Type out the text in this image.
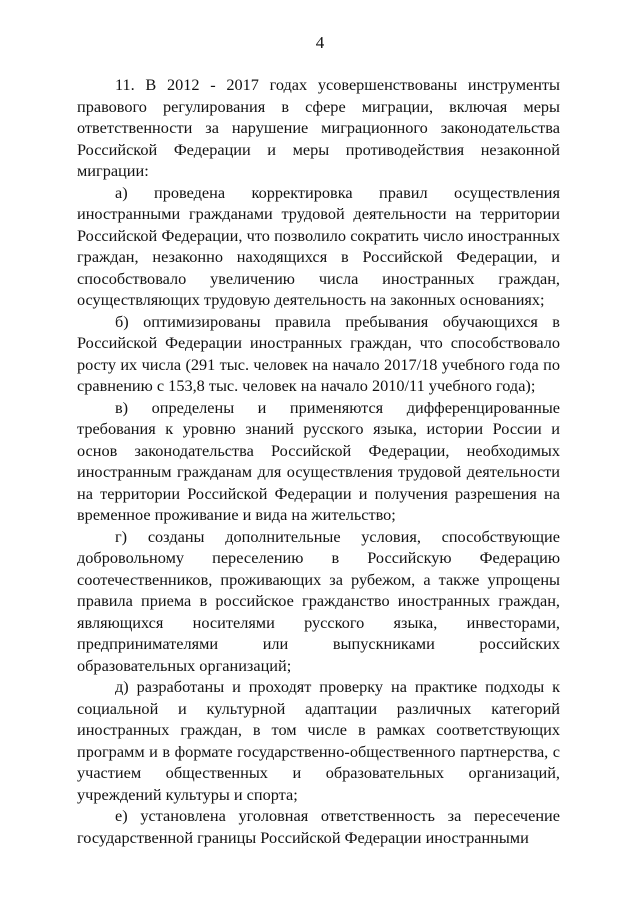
4

11. В 2012 - 2017 годах усовершенствованы инструменты правового регулирования в сфере миграции, включая меры ответственности за нарушение миграционного законодательства Российской Федерации и меры противодействия незаконной миграции:

а) проведена корректировка правил осуществления иностранными гражданами трудовой деятельности на территории Российской Федерации, что позволило сократить число иностранных граждан, незаконно находящихся в Российской Федерации, и способствовало увеличению числа иностранных граждан, осуществляющих трудовую деятельность на законных основаниях;

б) оптимизированы правила пребывания обучающихся в Российской Федерации иностранных граждан, что способствовало росту их числа (291 тыс. человек на начало 2017/18 учебного года по сравнению с 153,8 тыс. человек на начало 2010/11 учебного года);

в) определены и применяются дифференцированные требования к уровню знаний русского языка, истории России и основ законодательства Российской Федерации, необходимых иностранным гражданам для осуществления трудовой деятельности на территории Российской Федерации и получения разрешения на временное проживание и вида на жительство;

г) созданы дополнительные условия, способствующие добровольному переселению в Российскую Федерацию соотечественников, проживающих за рубежом, а также упрощены правила приема в российское гражданство иностранных граждан, являющихся носителями русского языка, инвесторами, предпринимателями или выпускниками российских образовательных организаций;

д) разработаны и проходят проверку на практике подходы к социальной и культурной адаптации различных категорий иностранных граждан, в том числе в рамках соответствующих программ и в формате государственно-общественного партнерства, с участием общественных и образовательных организаций, учреждений культуры и спорта;

е) установлена уголовная ответственность за пересечение государственной границы Российской Федерации иностранными
